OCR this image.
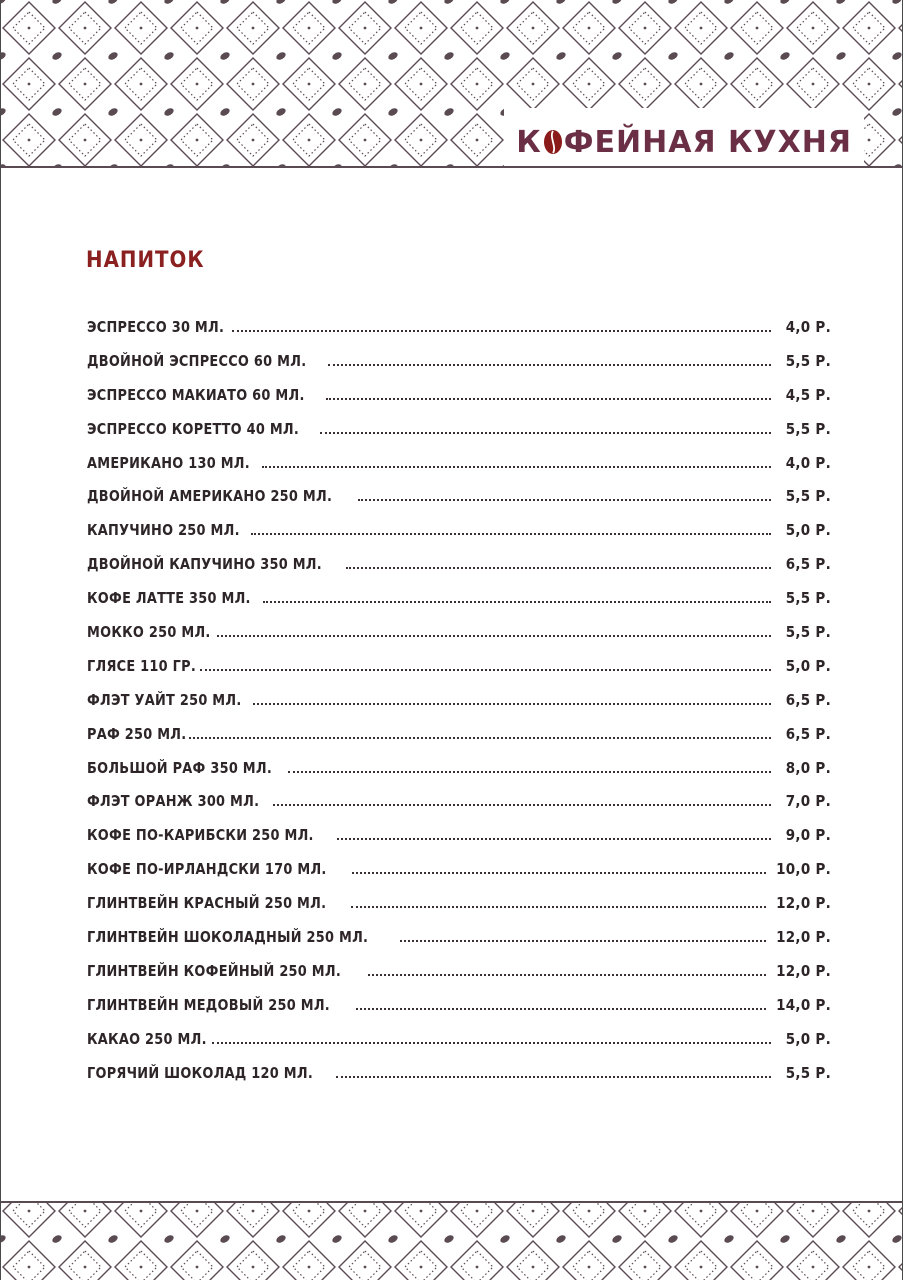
К ФЕЙНАЯ КУХНЯ
НАПИТОК
ЭСПРЕССО 30 МЛ.	4,0 Р.
ДВОЙНОЙ ЭСПРЕССО 60 МЛ.	5,5 Р.
ЭСПРЕССО МАКИАТО 60 МЛ.	4,5 Р.
ЭСПРЕССО КОРЕТТО 40 МЛ.	5,5 Р.
АМЕРИКАНО 130 МЛ.	4,0 Р.
ДВОЙНОЙ АМЕРИКАНО 250 МЛ.	5,5 Р.
КАПУЧИНО 250 МЛ.	5,0 Р.
ДВОЙНОЙ КАПУЧИНО 350 МЛ.	6,5 Р.
КОФЕ ЛАТТЕ 350 МЛ.	5,5 Р.
МОККО 250 МЛ.	5,5 Р.
ГЛЯСЕ 110 ГР.	5,0 Р.
ФЛЭТ УАЙТ 250 МЛ.	6,5 Р.
РАФ 250 МЛ.	6,5 Р.
БОЛЬШОЙ РАФ 350 МЛ.	8,0 Р.
ФЛЭТ ОРАНЖ 300 МЛ.	7,0 Р.
КОФЕ ПО-КАРИБСКИ 250 МЛ.	9,0 Р.
КОФЕ ПО-ИРЛАНДСКИ 170 МЛ.	10,0 Р.
ГЛИНТВЕЙН КРАСНЫЙ 250 МЛ.	12,0 Р.
ГЛИНТВЕЙН ШОКОЛАДНЫЙ 250 МЛ.	12,0 Р.
ГЛИНТВЕЙН КОФЕЙНЫЙ 250 МЛ.	12,0 Р.
ГЛИНТВЕЙН МЕДОВЫЙ 250 МЛ.	14,0 Р.
КАКАО 250 МЛ.	5,0 Р.
ГОРЯЧИЙ ШОКОЛАД 120 МЛ.	5,5 Р.
